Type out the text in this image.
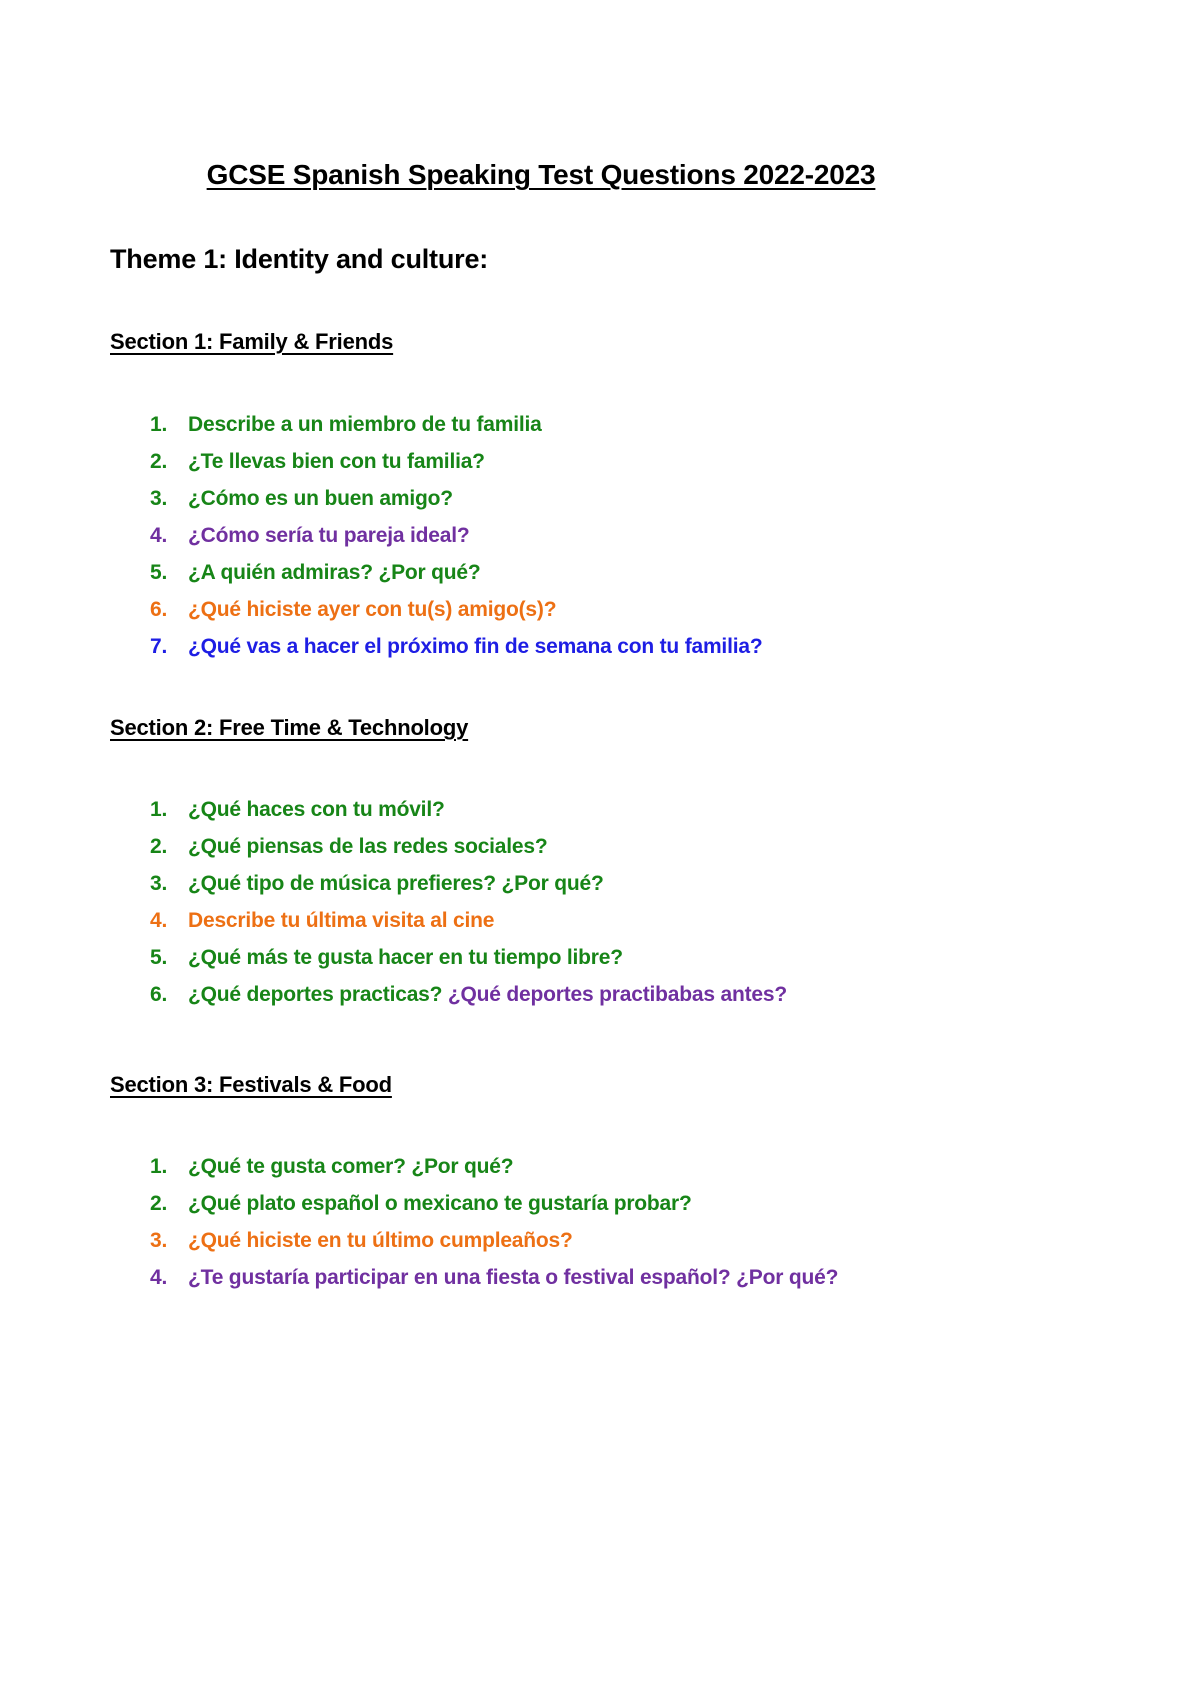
GCSE Spanish Speaking Test Questions 2022-2023
Theme 1: Identity and culture:
Section 1: Family & Friends
1. Describe a un miembro de tu familia
2. ¿Te llevas bien con tu familia?
3. ¿Cómo es un buen amigo?
4. ¿Cómo sería tu pareja ideal?
5. ¿A quién admiras? ¿Por qué?
6. ¿Qué hiciste ayer con tu(s) amigo(s)?
7. ¿Qué vas a hacer el próximo fin de semana con tu familia?
Section 2: Free Time & Technology
1. ¿Qué haces con tu móvil?
2. ¿Qué piensas de las redes sociales?
3. ¿Qué tipo de música prefieres? ¿Por qué?
4. Describe tu última visita al cine
5. ¿Qué más te gusta hacer en tu tiempo libre?
6. ¿Qué deportes practicas? ¿Qué deportes practibabas antes?
Section 3: Festivals & Food
1. ¿Qué te gusta comer? ¿Por qué?
2. ¿Qué plato español o mexicano te gustaría probar?
3. ¿Qué hiciste en tu último cumpleaños?
4. ¿Te gustaría participar en una fiesta o festival español? ¿Por qué?
